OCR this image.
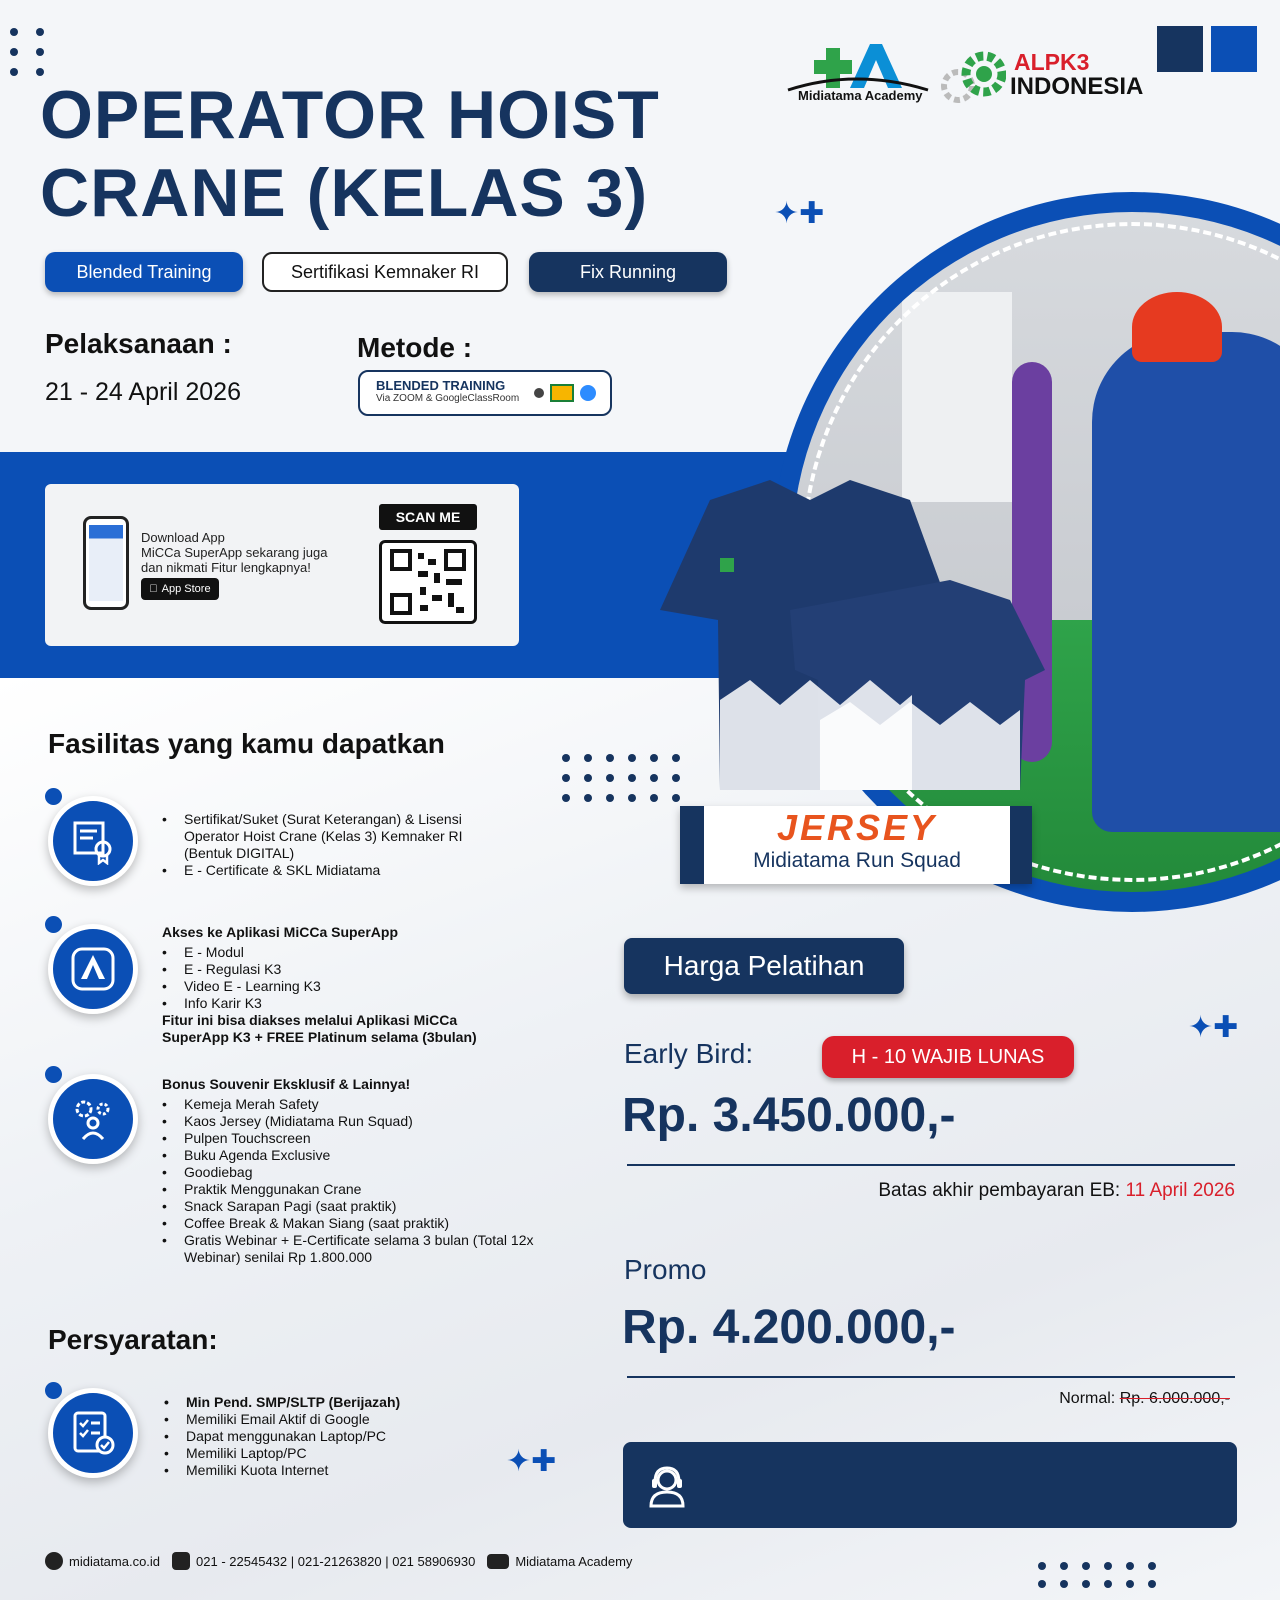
OPERATOR HOIST
CRANE (KELAS 3)
Midiatama Academy
ALPK3
INDONESIA
Blended Training	Sertifikasi Kemnaker RI	Fix Running
Pelaksanaan :
21 - 24 April 2026
Metode :
BLENDED TRAINING
Via ZOOM & GoogleClassRoom
Download App
MiCCa SuperApp sekarang juga
dan nikmati Fitur lengkapnya!
App Store
SCAN ME
JERSEY
Midiatama Run Squad
✦✚
✦✚
✦✚
Fasilitas yang kamu dapatkan
• Sertifikat/Suket (Surat Keterangan) & Lisensi Operator Hoist Crane (Kelas 3) Kemnaker RI (Bentuk DIGITAL)
• E - Certificate & SKL Midiatama
Akses ke Aplikasi MiCCa SuperApp
• E - Modul
• E - Regulasi K3
• Video E - Learning K3
• Info Karir K3
Fitur ini bisa diakses melalui Aplikasi MiCCa SuperApp K3 + FREE Platinum selama (3bulan)
Bonus Souvenir Eksklusif & Lainnya!
• Kemeja Merah Safety
• Kaos Jersey (Midiatama Run Squad)
• Pulpen Touchscreen
• Buku Agenda Exclusive
• Goodiebag
• Praktik Menggunakan Crane
• Snack Sarapan Pagi (saat praktik)
• Coffee Break & Makan Siang (saat praktik)
• Gratis Webinar + E-Certificate selama 3 bulan (Total 12x Webinar) senilai Rp 1.800.000
Persyaratan:
• Min Pend. SMP/SLTP (Berijazah)
• Memiliki Email Aktif di Google
• Dapat menggunakan Laptop/PC
• Memiliki Laptop/PC
• Memiliki Kuota Internet
Harga Pelatihan
Early Bird:	H - 10 WAJIB LUNAS
Rp. 3.450.000,-
Batas akhir pembayaran EB: 11 April 2026
Promo
Rp. 4.200.000,-
Normal: Rp. 6.000.000,-
midiatama.co.id	021 - 22545432 | 021-21263820 | 021 58906930	Midiatama Academy
